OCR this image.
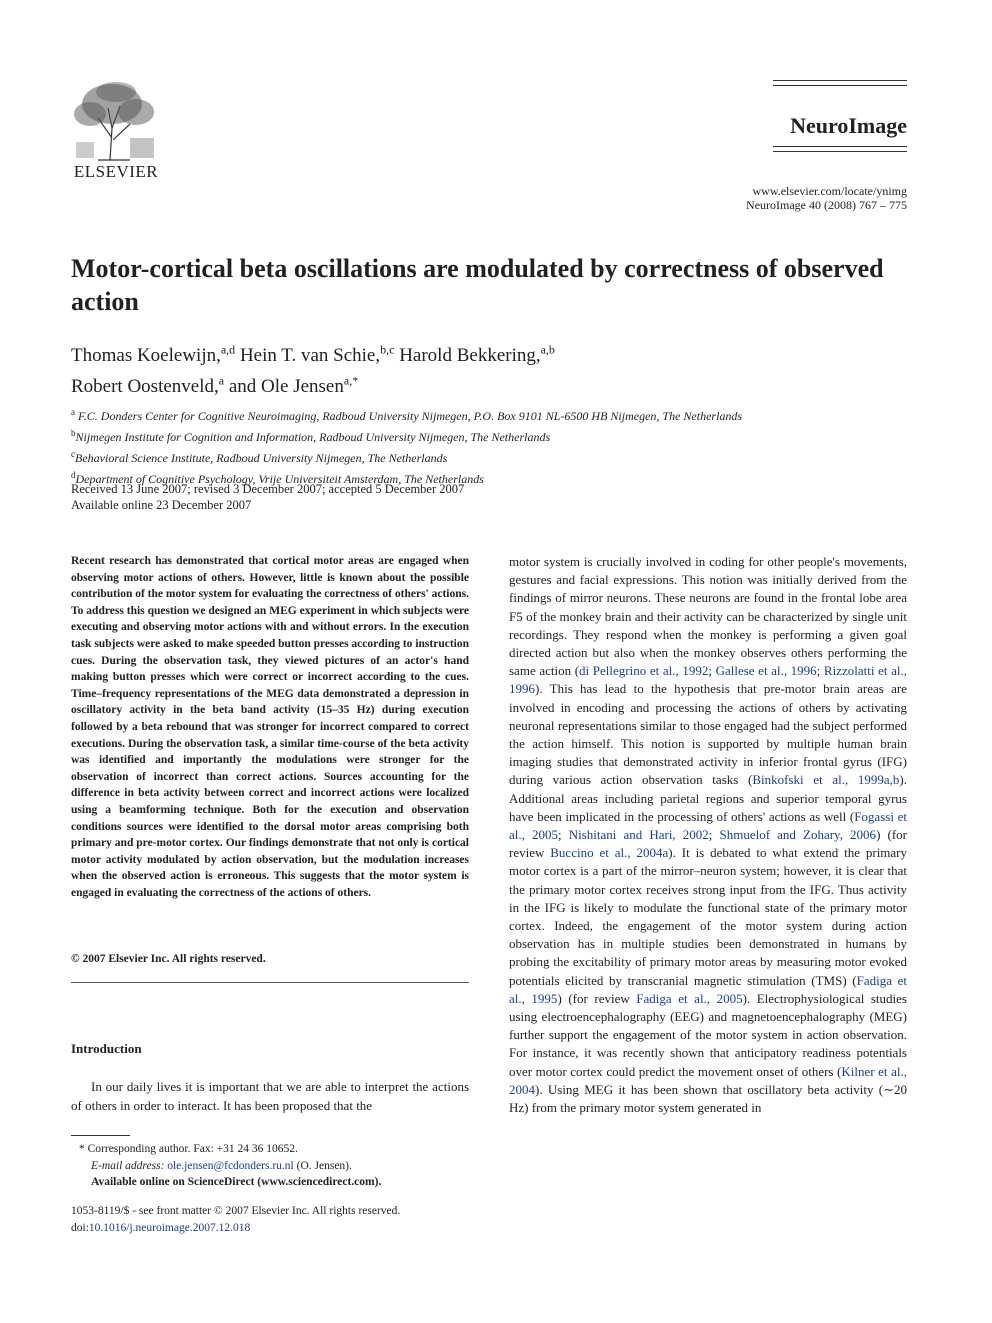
ELSEVIER
NeuroImage
www.elsevier.com/locate/ynimg
NeuroImage 40 (2008) 767 – 775
Motor-cortical beta oscillations are modulated by correctness of observed action
Thomas Koelewijn,$^{a,d}$ Hein T. van Schie,$^{b,c}$ Harold Bekkering,$^{a,b}$
Robert Oostenveld,$^a$ and Ole Jensen$^{a,*}$
$^a$ F.C. Donders Center for Cognitive Neuroimaging, Radboud University Nijmegen, P.O. Box 9101 NL-6500 HB Nijmegen, The Netherlands
$^b$Nijmegen Institute for Cognition and Information, Radboud University Nijmegen, The Netherlands
$^c$Behavioral Science Institute, Radboud University Nijmegen, The Netherlands
$^d$Department of Cognitive Psychology, Vrije Universiteit Amsterdam, The Netherlands
Received 13 June 2007; revised 3 December 2007; accepted 5 December 2007
Available online 23 December 2007
Recent research has demonstrated that cortical motor areas are engaged when observing motor actions of others. However, little is known about the possible contribution of the motor system for evaluating the correctness of others' actions. To address this question we designed an MEG experiment in which subjects were executing and observing motor actions with and without errors. In the execution task subjects were asked to make speeded button presses according to instruction cues. During the observation task, they viewed pictures of an actor's hand making button presses which were correct or incorrect according to the cues. Time–frequency representations of the MEG data demonstrated a depression in oscillatory activity in the beta band activity (15–35 Hz) during execution followed by a beta rebound that was stronger for incorrect compared to correct executions. During the observation task, a similar time-course of the beta activity was identified and importantly the modulations were stronger for the observation of incorrect than correct actions. Sources accounting for the difference in beta activity between correct and incorrect actions were localized using a beamforming technique. Both for the execution and observation conditions sources were identified to the dorsal motor areas comprising both primary and pre-motor cortex. Our findings demonstrate that not only is cortical motor activity modulated by action observation, but the modulation increases when the observed action is erroneous. This suggests that the motor system is engaged in evaluating the correctness of the actions of others.
© 2007 Elsevier Inc. All rights reserved.
Introduction
In our daily lives it is important that we are able to interpret the actions of others in order to interact. It has been proposed that the
* Corresponding author. Fax: +31 24 36 10652.
E-mail address: ole.jensen@fcdonders.ru.nl (O. Jensen).
Available online on ScienceDirect (www.sciencedirect.com).
1053-8119/$ - see front matter © 2007 Elsevier Inc. All rights reserved.
doi:10.1016/j.neuroimage.2007.12.018
motor system is crucially involved in coding for other people's movements, gestures and facial expressions. This notion was initially derived from the findings of mirror neurons. These neurons are found in the frontal lobe area F5 of the monkey brain and their activity can be characterized by single unit recordings. They respond when the monkey is performing a given goal directed action but also when the monkey observes others performing the same action (di Pellegrino et al., 1992; Gallese et al., 1996; Rizzolatti et al., 1996). This has lead to the hypothesis that pre-motor brain areas are involved in encoding and processing the actions of others by activating neuronal representations similar to those engaged had the subject performed the action himself. This notion is supported by multiple human brain imaging studies that demonstrated activity in inferior frontal gyrus (IFG) during various action observation tasks (Binkofski et al., 1999a,b). Additional areas including parietal regions and superior temporal gyrus have been implicated in the processing of others' actions as well (Fogassi et al., 2005; Nishitani and Hari, 2002; Shmuelof and Zohary, 2006) (for review Buccino et al., 2004a). It is debated to what extend the primary motor cortex is a part of the mirror–neuron system; however, it is clear that the primary motor cortex receives strong input from the IFG. Thus activity in the IFG is likely to modulate the functional state of the primary motor cortex. Indeed, the engagement of the motor system during action observation has in multiple studies been demonstrated in humans by probing the excitability of primary motor areas by measuring motor evoked potentials elicited by transcranial magnetic stimulation (TMS) (Fadiga et al., 1995) (for review Fadiga et al., 2005). Electrophysiological studies using electroencephalography (EEG) and magnetoencephalography (MEG) further support the engagement of the motor system in action observation. For instance, it was recently shown that anticipatory readiness potentials over motor cortex could predict the movement onset of others (Kilner et al., 2004). Using MEG it has been shown that oscillatory beta activity (∼20 Hz) from the primary motor system generated in
